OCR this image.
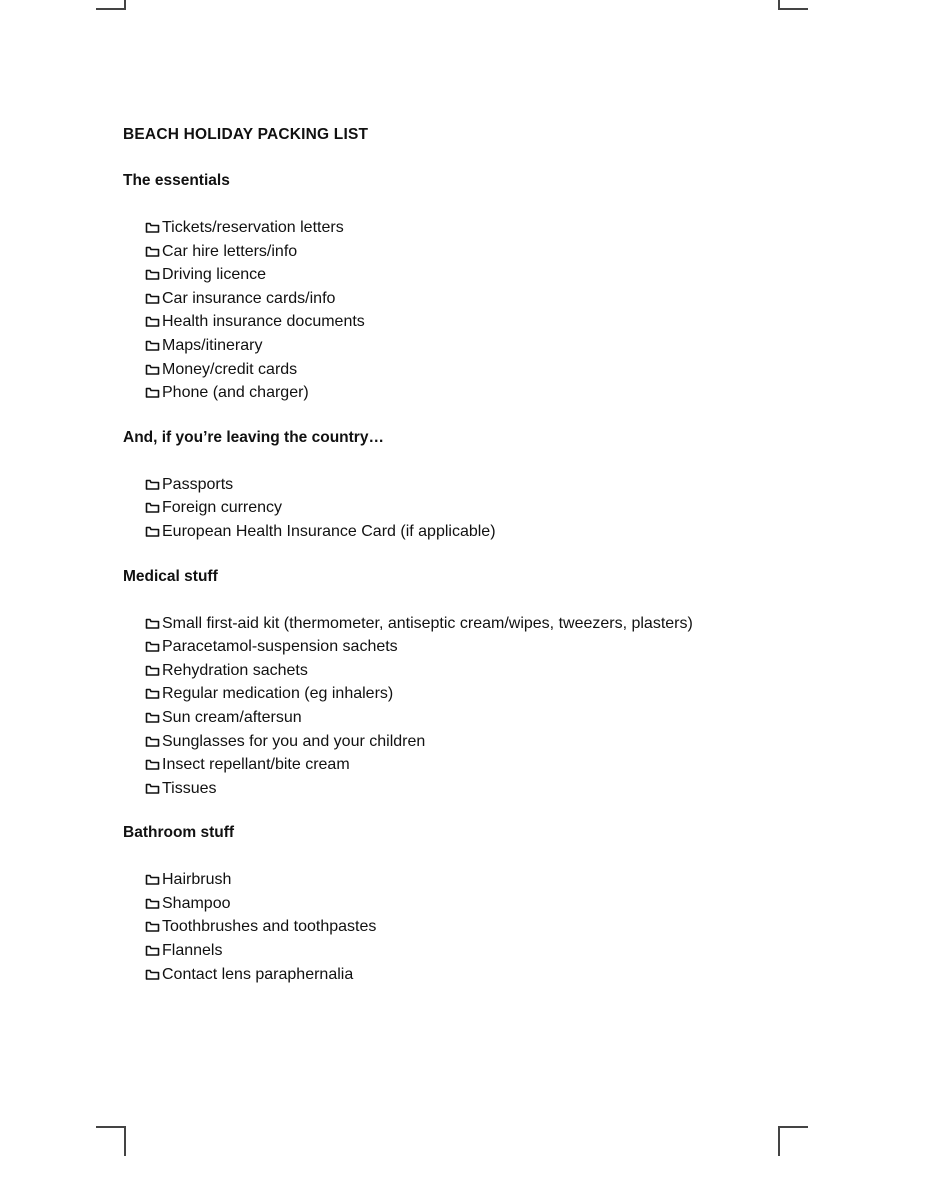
BEACH HOLIDAY PACKING LIST
The essentials
Tickets/reservation letters
Car hire letters/info
Driving licence
Car insurance cards/info
Health insurance documents
Maps/itinerary
Money/credit cards
Phone (and charger)
And, if you’re leaving the country…
Passports
Foreign currency
European Health Insurance Card (if applicable)
Medical stuff
Small first-aid kit (thermometer, antiseptic cream/wipes, tweezers, plasters)
Paracetamol-suspension sachets
Rehydration sachets
Regular medication (eg inhalers)
Sun cream/aftersun
Sunglasses for you and your children
Insect repellant/bite cream
Tissues
Bathroom stuff
Hairbrush
Shampoo
Toothbrushes and toothpastes
Flannels
Contact lens paraphernalia
